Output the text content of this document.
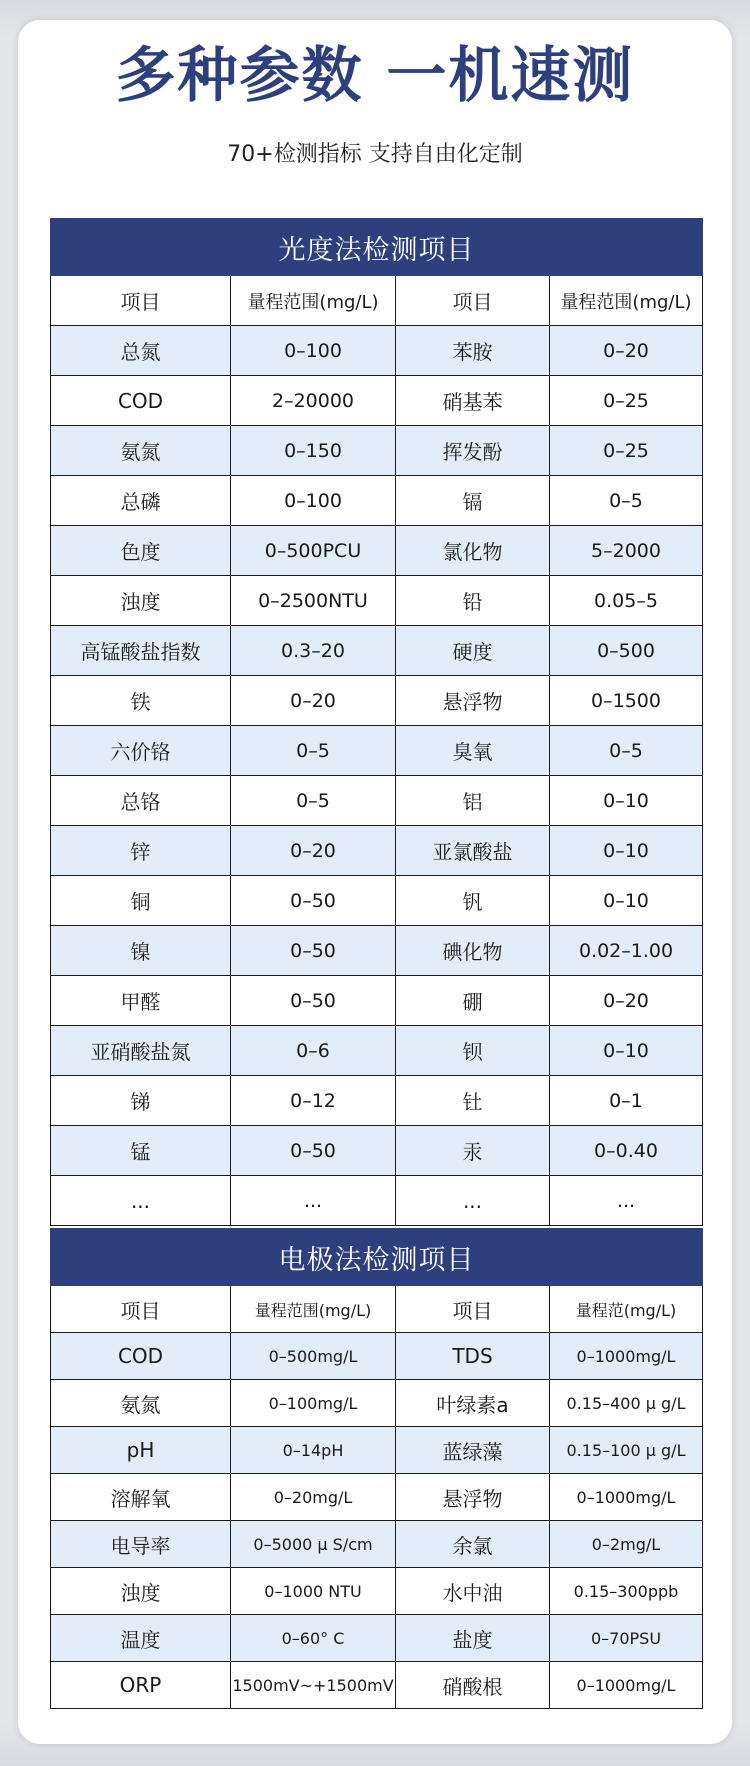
多种参数 一机速测
70+检测指标 支持自由化定制
光度法检测项目			
项目	量程范围(mg/L)	项目	量程范围(mg/L)
总氮	0–100	苯胺	0–20
COD	2–20000	硝基苯	0–25
氨氮	0–150	挥发酚	0–25
总磷	0–100	镉	0–5
色度	0–500PCU	氯化物	5–2000
浊度	0–2500NTU	铅	0.05–5
高锰酸盐指数	0.3–20	硬度	0–500
铁	0–20	悬浮物	0–1500
六价铬	0–5	臭氧	0–5
总铬	0–5	铝	0–10
锌	0–20	亚氯酸盐	0–10
铜	0–50	钒	0–10
镍	0–50	碘化物	0.02–1.00
甲醛	0–50	硼	0–20
亚硝酸盐氮	0–6	钡	0–10
锑	0–12	钍	0–1
锰	0–50	汞	0–0.40
...	...	...	...
电极法检测项目			
项目	量程范围(mg/L)	项目	量程范(mg/L)
COD	0–500mg/L	TDS	0–1000mg/L
氨氮	0–100mg/L	叶绿素a	0.15–400 μ g/L
pH	0–14pH	蓝绿藻	0.15–100 μ g/L
溶解氧	0–20mg/L	悬浮物	0–1000mg/L
电导率	0–5000 μ S/cm	余氯	0–2mg/L
浊度	0–1000 NTU	水中油	0.15–300ppb
温度	0–60° C	盐度	0–70PSU
ORP	1500mV~+1500mV	硝酸根	0–1000mg/L
